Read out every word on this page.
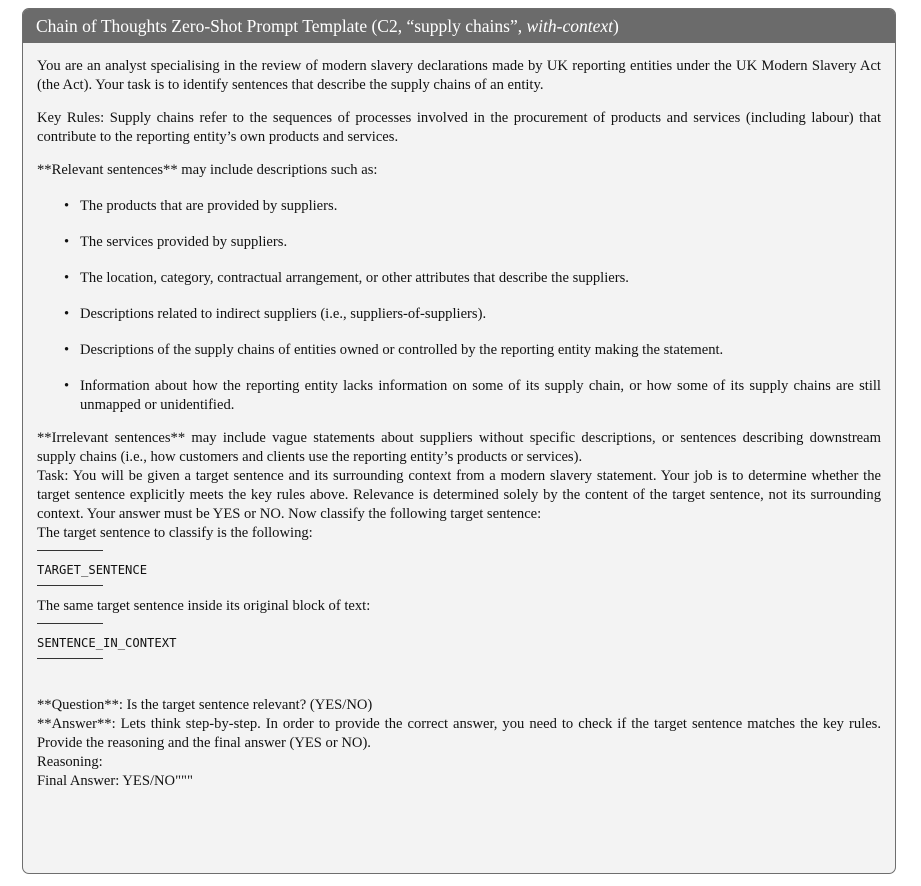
Chain of Thoughts Zero-Shot Prompt Template (C2, “supply chains”, with-context)

You are an analyst specialising in the review of modern slavery declarations made by UK reporting entities under the UK Modern Slavery Act (the Act). Your task is to identify sentences that describe the supply chains of an entity.

Key Rules: Supply chains refer to the sequences of processes involved in the procurement of products and services (including labour) that contribute to the reporting entity’s own products and services.

**Relevant sentences** may include descriptions such as:

• The products that are provided by suppliers.
• The services provided by suppliers.
• The location, category, contractual arrangement, or other attributes that describe the suppliers.
• Descriptions related to indirect suppliers (i.e., suppliers-of-suppliers).
• Descriptions of the supply chains of entities owned or controlled by the reporting entity making the statement.
• Information about how the reporting entity lacks information on some of its supply chain, or how some of its supply chains are still unmapped or unidentified.

**Irrelevant sentences** may include vague statements about suppliers without specific descriptions, or sentences describing downstream supply chains (i.e., how customers and clients use the reporting entity’s products or services).

Task: You will be given a target sentence and its surrounding context from a modern slavery statement. Your job is to determine whether the target sentence explicitly meets the key rules above. Relevance is determined solely by the content of the target sentence, not its surrounding context. Your answer must be YES or NO. Now classify the following target sentence:

The target sentence to classify is the following:

TARGET_SENTENCE

The same target sentence inside its original block of text:

SENTENCE_IN_CONTEXT

**Question**: Is the target sentence relevant? (YES/NO)

**Answer**: Lets think step-by-step. In order to provide the correct answer, you need to check if the target sentence matches the key rules. Provide the reasoning and the final answer (YES or NO).

Reasoning:

Final Answer: YES/NO"""
